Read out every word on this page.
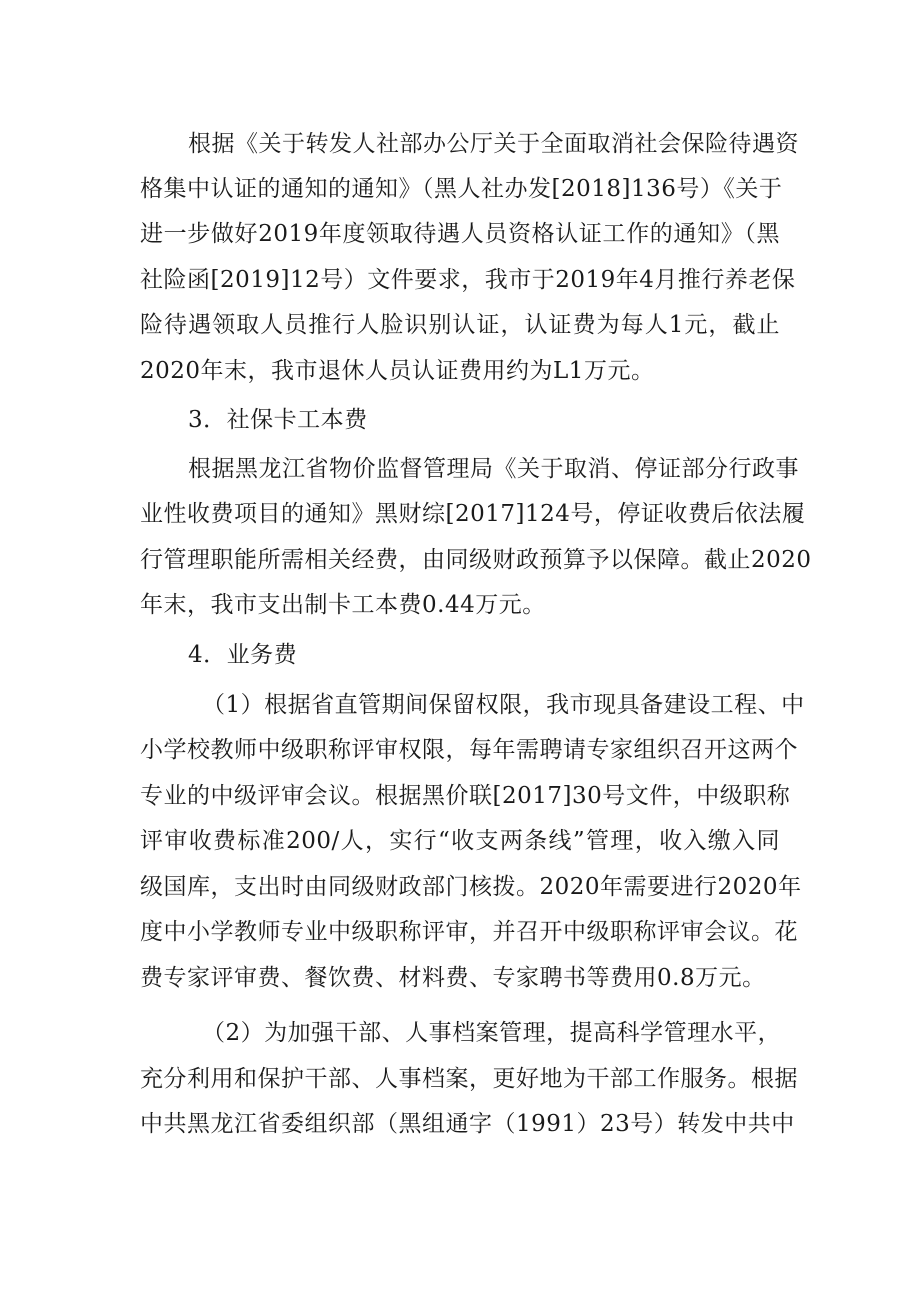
根据《关于转发人社部办公厅关于全面取消社会保险待遇资
格集中认证的通知的通知》（黑人社办发[2018]136号）《关于
进一步做好2019年度领取待遇人员资格认证工作的通知》（黑
社险函[2019]12号）文件要求，我市于2019年4月推行养老保
险待遇领取人员推行人脸识别认证，认证费为每人1元，截止
2020年末，我市退休人员认证费用约为L1万元。
3．社保卡工本费
根据黑龙江省物价监督管理局《关于取消、停证部分行政事
业性收费项目的通知》黑财综[2017]124号，停证收费后依法履
行管理职能所需相关经费，由同级财政预算予以保障。截止2020
年末，我市支出制卡工本费0.44万元。
4．业务费
（1）根据省直管期间保留权限，我市现具备建设工程、中
小学校教师中级职称评审权限，每年需聘请专家组织召开这两个
专业的中级评审会议。根据黑价联[2017]30号文件，中级职称
评审收费标准200/人，实行“收支两条线”管理，收入缴入同
级国库，支出时由同级财政部门核拨。2020年需要进行2020年
度中小学教师专业中级职称评审，并召开中级职称评审会议。花
费专家评审费、餐饮费、材料费、专家聘书等费用0.8万元。
（2）为加强干部、人事档案管理，提高科学管理水平，
充分利用和保护干部、人事档案，更好地为干部工作服务。根据
中共黑龙江省委组织部（黑组通字（1991）23号）转发中共中
